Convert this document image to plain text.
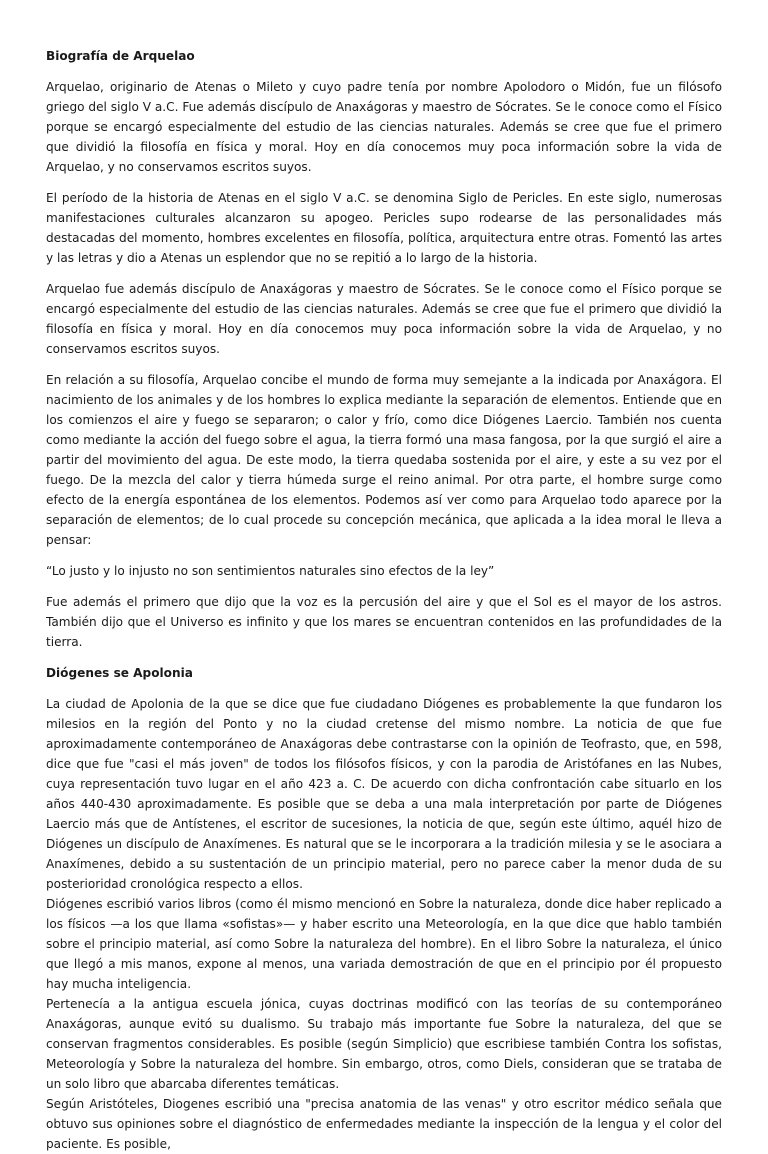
Biografía de Arquelao
Arquelao, originario de Atenas o Mileto y cuyo padre tenía por nombre Apolodoro o Midón, fue un filósofo griego del siglo V a.C. Fue además discípulo de Anaxágoras y maestro de Sócrates. Se le conoce como el Físico porque se encargó especialmente del estudio de las ciencias naturales. Además se cree que fue el primero que dividió la filosofía en física y moral. Hoy en día conocemos muy poca información sobre la vida de Arquelao, y no conservamos escritos suyos.
El período de la historia de Atenas en el siglo V a.C. se denomina Siglo de Pericles. En este siglo, numerosas manifestaciones culturales alcanzaron su apogeo. Pericles supo rodearse de las personalidades más destacadas del momento, hombres excelentes en filosofía, política, arquitectura entre otras. Fomentó las artes y las letras y dio a Atenas un esplendor que no se repitió a lo largo de la historia.
Arquelao fue además discípulo de Anaxágoras y maestro de Sócrates. Se le conoce como el Físico porque se encargó especialmente del estudio de las ciencias naturales. Además se cree que fue el primero que dividió la filosofía en física y moral. Hoy en día conocemos muy poca información sobre la vida de Arquelao, y no conservamos escritos suyos.
En relación a su filosofía, Arquelao concibe el mundo de forma muy semejante a la indicada por Anaxágora. El nacimiento de los animales y de los hombres lo explica mediante la separación de elementos. Entiende que en los comienzos el aire y fuego se separaron; o calor y frío, como dice Diógenes Laercio. También nos cuenta como mediante la acción del fuego sobre el agua, la tierra formó una masa fangosa, por la que surgió el aire a partir del movimiento del agua. De este modo, la tierra quedaba sostenida por el aire, y este a su vez por el fuego. De la mezcla del calor y tierra húmeda surge el reino animal. Por otra parte, el hombre surge como efecto de la energía espontánea de los elementos. Podemos así ver como para Arquelao todo aparece por la separación de elementos; de lo cual procede su concepción mecánica, que aplicada a la idea moral le lleva a pensar:
“Lo justo y lo injusto no son sentimientos naturales sino efectos de la ley”
Fue además el primero que dijo que la voz es la percusión del aire y que el Sol es el mayor de los astros. También dijo que el Universo es infinito y que los mares se encuentran contenidos en las profundidades de la tierra.
Diógenes se Apolonia
La ciudad de Apolonia de la que se dice que fue ciudadano Diógenes es probablemente la que fundaron los milesios en la región del Ponto y no la ciudad cretense del mismo nombre. La noticia de que fue aproximadamente contemporáneo de Anaxágoras debe contrastarse con la opinión de Teofrasto, que, en 598, dice que fue "casi el más joven" de todos los filósofos físicos, y con la parodia de Aristófanes en las Nubes, cuya representación tuvo lugar en el año 423 a. C. De acuerdo con dicha confrontación cabe situarlo en los años 440-430 aproximadamente. Es posible que se deba a una mala interpretación por parte de Diógenes Laercio más que de Antístenes, el escritor de sucesiones, la noticia de que, según este último, aquél hizo de Diógenes un discípulo de Anaxímenes. Es natural que se le incorporara a la tradición milesia y se le asociara a Anaxímenes, debido a su sustentación de un principio material, pero no parece caber la menor duda de su posterioridad cronológica respecto a ellos.
Diógenes escribió varios libros (como él mismo mencionó en Sobre la naturaleza, donde dice haber replicado a los físicos —a los que llama «sofistas»— y haber escrito una Meteorología, en la que dice que hablo también sobre el principio material, así como Sobre la naturaleza del hombre). En el libro Sobre la naturaleza, el único que llegó a mis manos, expone al menos, una variada demostración de que en el principio por él propuesto hay mucha inteligencia.
Pertenecía a la antigua escuela jónica, cuyas doctrinas modificó con las teorías de su contemporáneo Anaxágoras, aunque evitó su dualismo. Su trabajo más importante fue Sobre la naturaleza, del que se conservan fragmentos considerables. Es posible (según Simplicio) que escribiese también Contra los sofistas, Meteorología y Sobre la naturaleza del hombre. Sin embargo, otros, como Diels, consideran que se trataba de un solo libro que abarcaba diferentes temáticas.
Según Aristóteles, Diogenes escribió una "precisa anatomia de las venas" y otro escritor médico señala que obtuvo sus opiniones sobre el diagnóstico de enfermedades mediante la inspección de la lengua y el color del paciente. Es posible,
